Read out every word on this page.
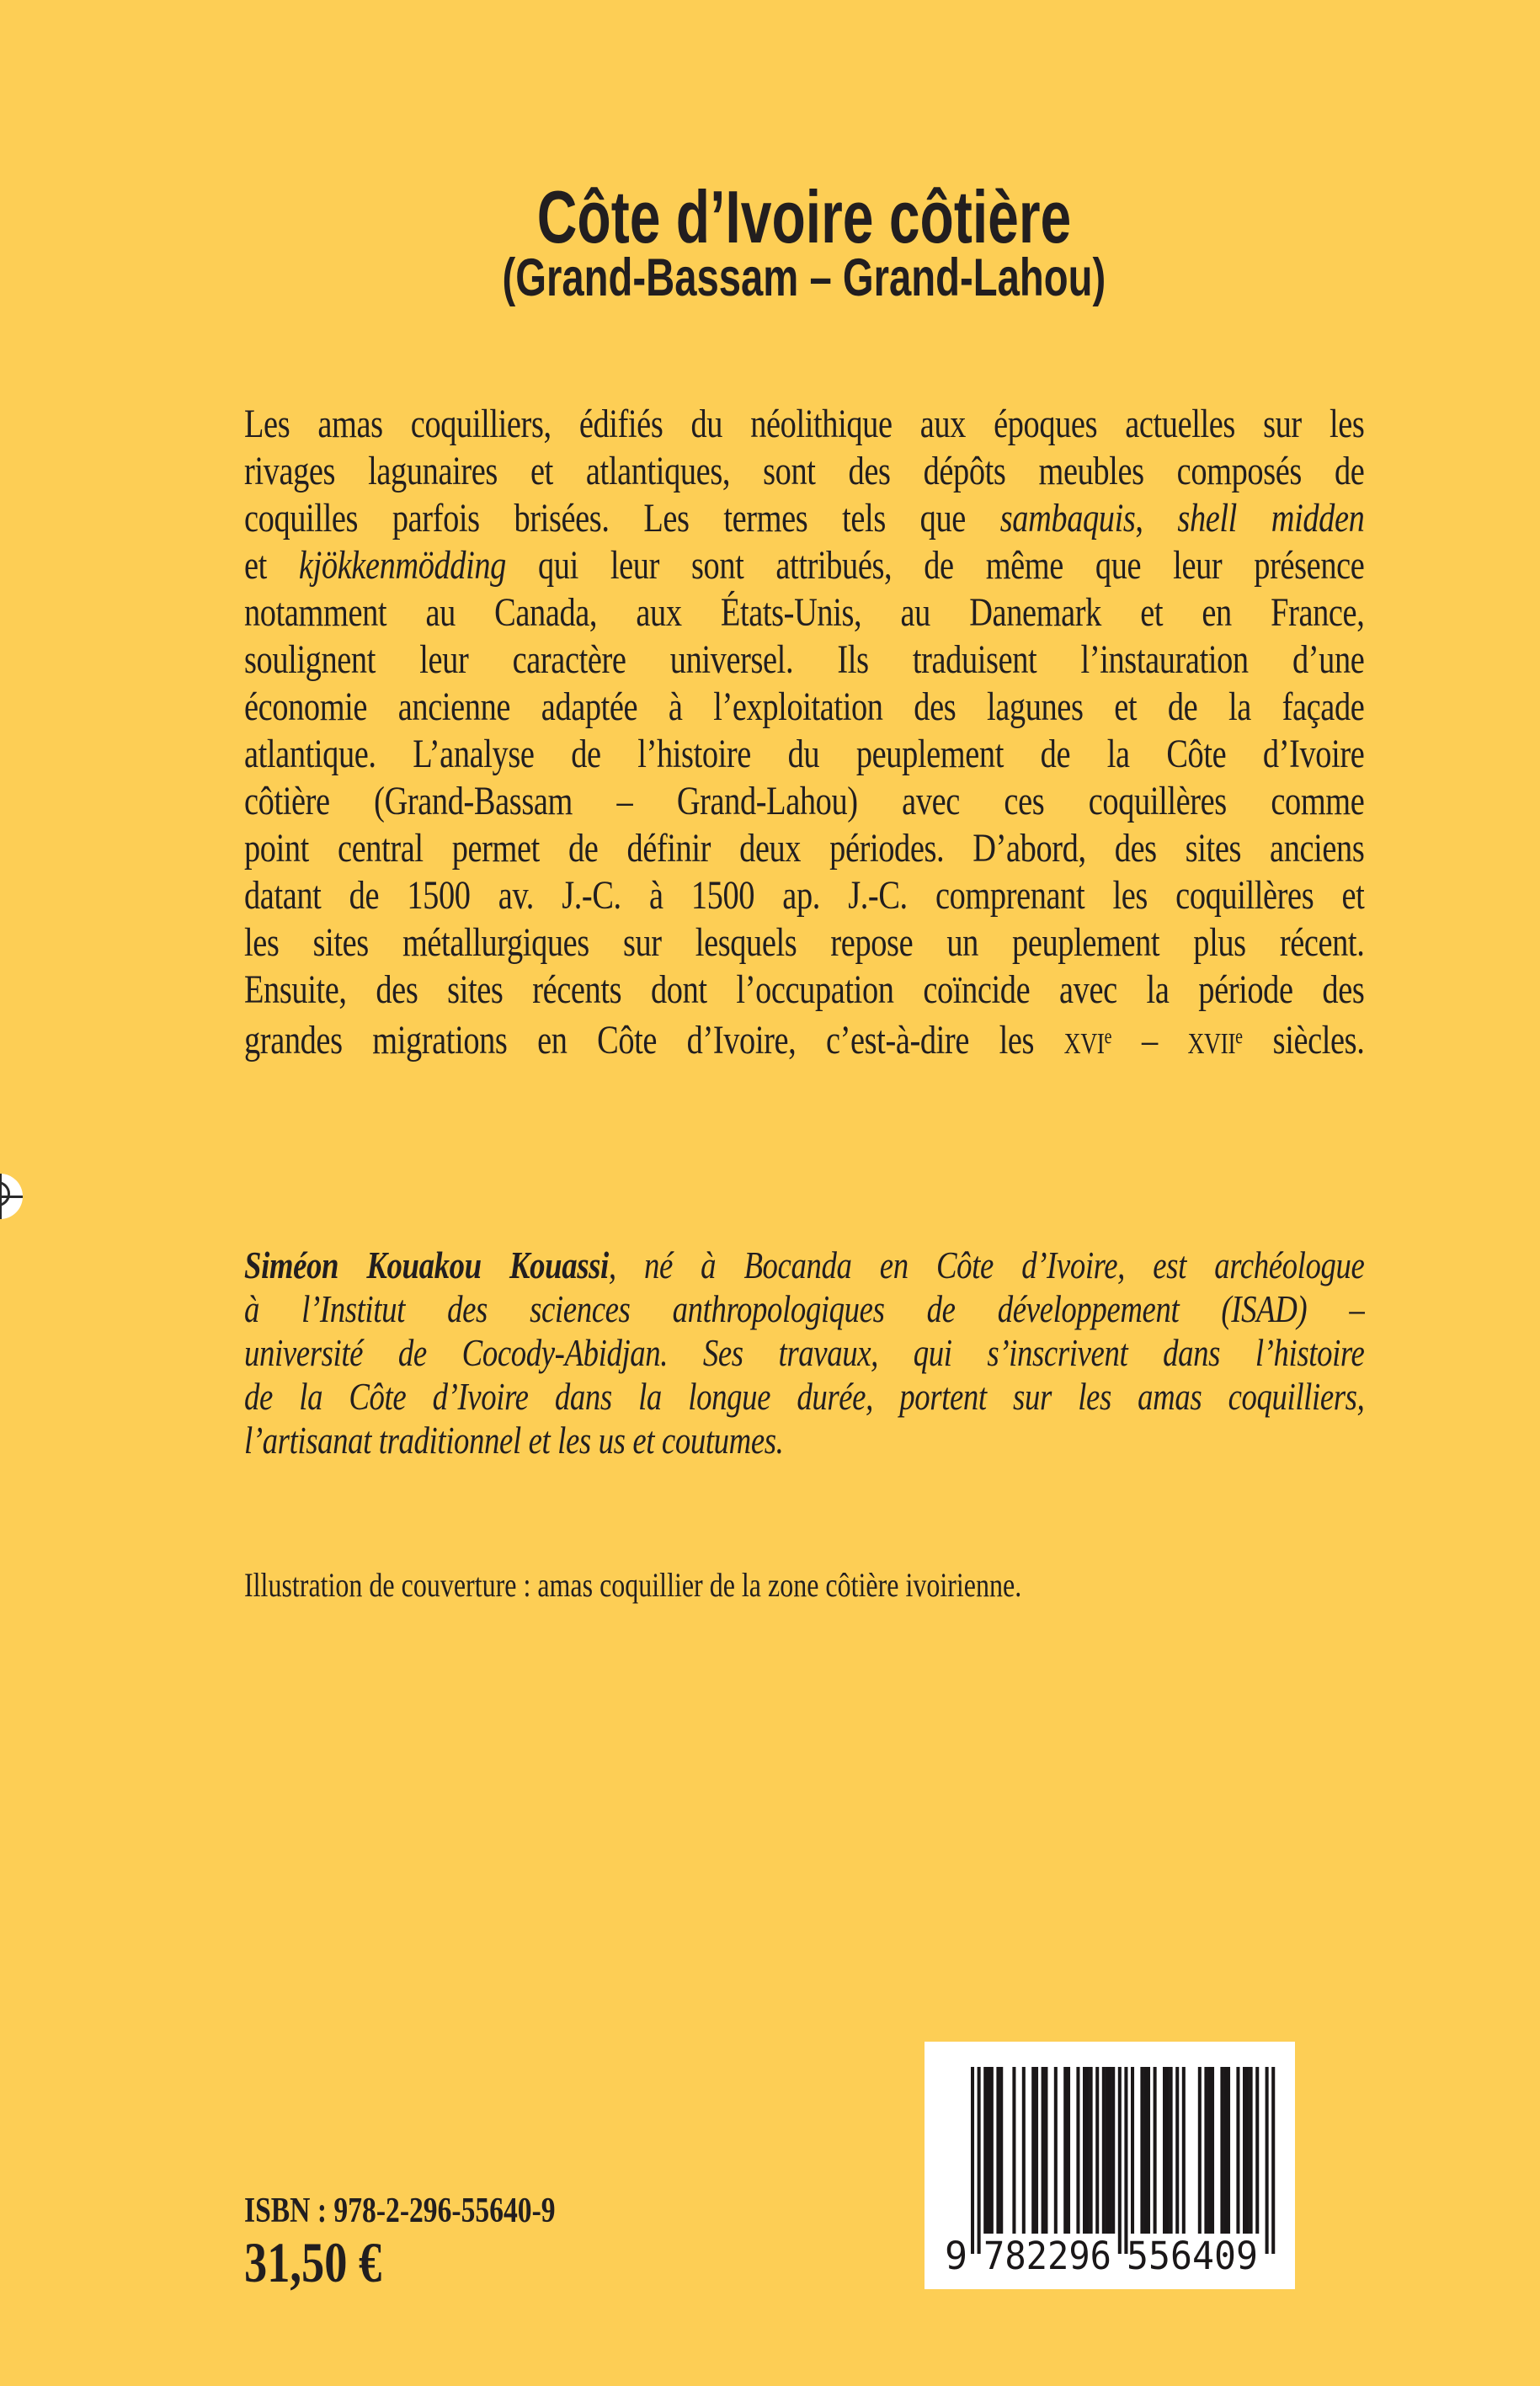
Côte d’Ivoire côtière
(Grand-Bassam – Grand-Lahou)
Les amas coquilliers, édifiés du néolithique aux époques actuelles sur les
rivages lagunaires et atlantiques, sont des dépôts meubles composés de
coquilles parfois brisées. Les termes tels que sambaquis, shell midden
et kjökkenmödding qui leur sont attribués, de même que leur présence
notamment au Canada, aux États-Unis, au Danemark et en France,
soulignent leur caractère universel. Ils traduisent l’instauration d’une
économie ancienne adaptée à l’exploitation des lagunes et de la façade
atlantique. L’analyse de l’histoire du peuplement de la Côte d’Ivoire
côtière (Grand-Bassam – Grand-Lahou) avec ces coquillères comme
point central permet de définir deux périodes. D’abord, des sites anciens
datant de 1500 av. J.-C. à 1500 ap. J.-C. comprenant les coquillères et
les sites métallurgiques sur lesquels repose un peuplement plus récent.
Ensuite, des sites récents dont l’occupation coïncide avec la période des
grandes migrations en Côte d’Ivoire, c’est-à-dire les XVIe – XVIIe siècles.
Siméon Kouakou Kouassi, né à Bocanda en Côte d’Ivoire, est archéologue
à l’Institut des sciences anthropologiques de développement (ISAD) –
université de Cocody-Abidjan. Ses travaux, qui s’inscrivent dans l’histoire
de la Côte d’Ivoire dans la longue durée, portent sur les amas coquilliers,
l’artisanat traditionnel et les us et coutumes.
Illustration de couverture : amas coquillier de la zone côtière ivoirienne.
ISBN : 978-2-296-55640-9
31,50 €	9 782296 556409
